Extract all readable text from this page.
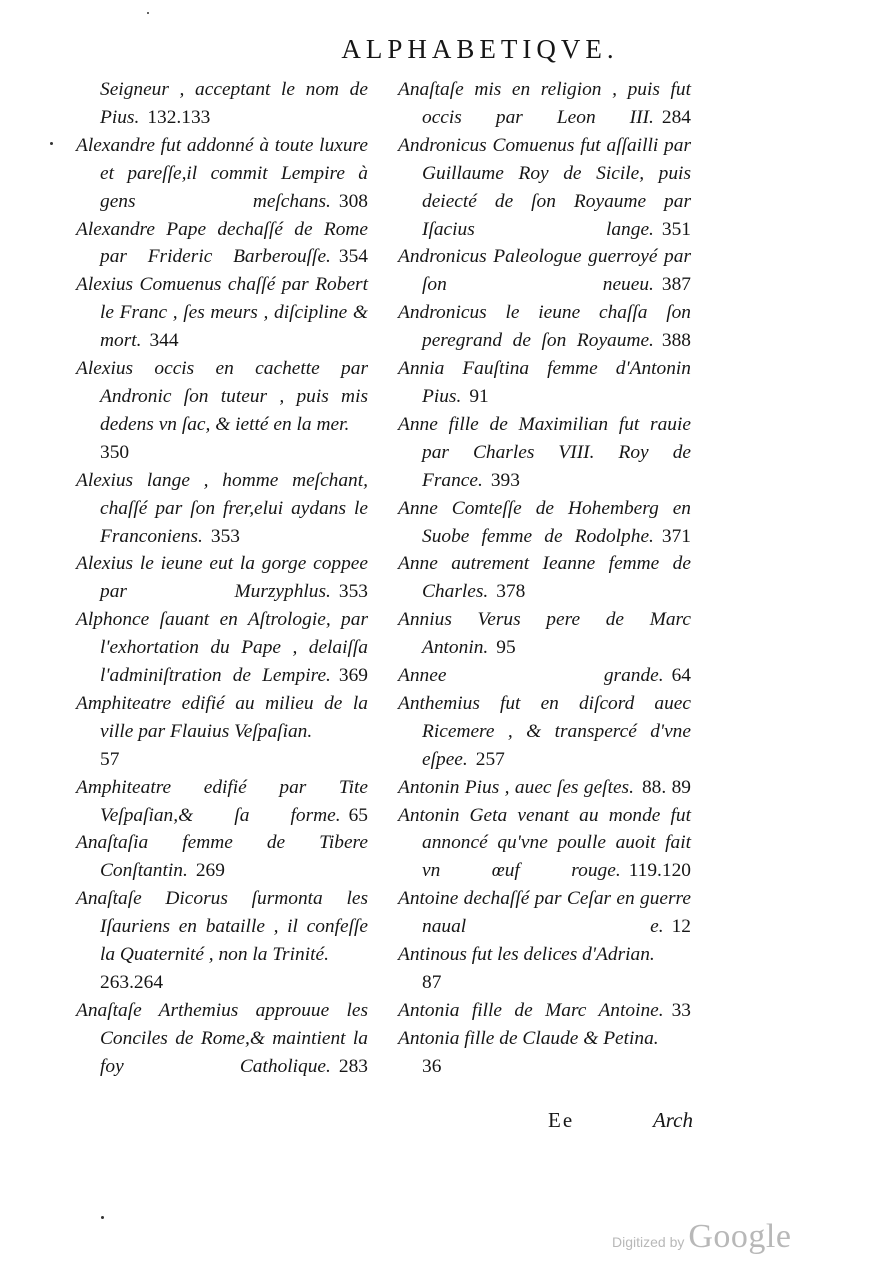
ALPHABETIQVE.
Seigneur , acceptant le nom de Pius. 132.133
Alexandre fut addonné à toute luxure et pareſſe,il commit Lempire à gens meſchans. 308
Alexandre Pape dechaſſé de Rome par Frideric Barberouſſe. 354
Alexius Comuenus chaſſé par Robert le Franc , ſes meurs , diſcipline & mort. 344
Alexius occis en cachette par Andronic ſon tuteur , puis mis dedens vn ſac, & ietté en la mer.
350
Alexius lange , homme meſchant, chaſſé par ſon frer,elui aydans le Franconiens. 353
Alexius le ieune eut la gorge coppee par Murzyphlus. 353
Alphonce ſauant en Aſtrologie, par l'exhortation du Pape , delaiſſa l'adminiſtration de Lempire. 369
Amphiteatre edifié au milieu de la ville par Flauius Veſpaſian.
57
Amphiteatre edifié par Tite Veſpaſian,& ſa forme. 65
Anaſtaſia femme de Tibere Conſtantin. 269
Anaſtaſe Dicorus ſurmonta les Iſauriens en bataille , il confeſſe la Quaternité , non la Trinité.
263.264
Anaſtaſe Arthemius approuue les Conciles de Rome,& maintient la foy Catholique. 283
Anaſtaſe mis en religion , puis fut occis par Leon III. 284
Andronicus Comuenus fut aſſailli par Guillaume Roy de Sicile, puis deiecté de ſon Royaume par Iſacius lange. 351
Andronicus Paleologue guerroyé par ſon neueu. 387
Andronicus le ieune chaſſa ſon peregrand de ſon Royaume. 388
Annia Fauſtina femme d'Antonin Pius. 91
Anne fille de Maximilian fut rauie par Charles VIII. Roy de France. 393
Anne Comteſſe de Hohemberg en Suobe femme de Rodolphe. 371
Anne autrement Ieanne femme de Charles. 378
Annius Verus pere de Marc Antonin. 95
Annee grande. 64
Anthemius fut en diſcord auec Ricemere , & transpercé d'vne eſpee. 257
Antonin Pius , auec ſes geſtes. 88. 89
Antonin Geta venant au monde fut annoncé qu'vne poulle auoit fait vn œuf rouge. 119.120
Antoine dechaſſé par Ceſar en guerre naual e. 12
Antinous fut les delices d'Adrian.
87
Antonia fille de Marc Antoine. 33
Antonia fille de Claude & Petina.
36
Ee	Arch
Digitized by Google
